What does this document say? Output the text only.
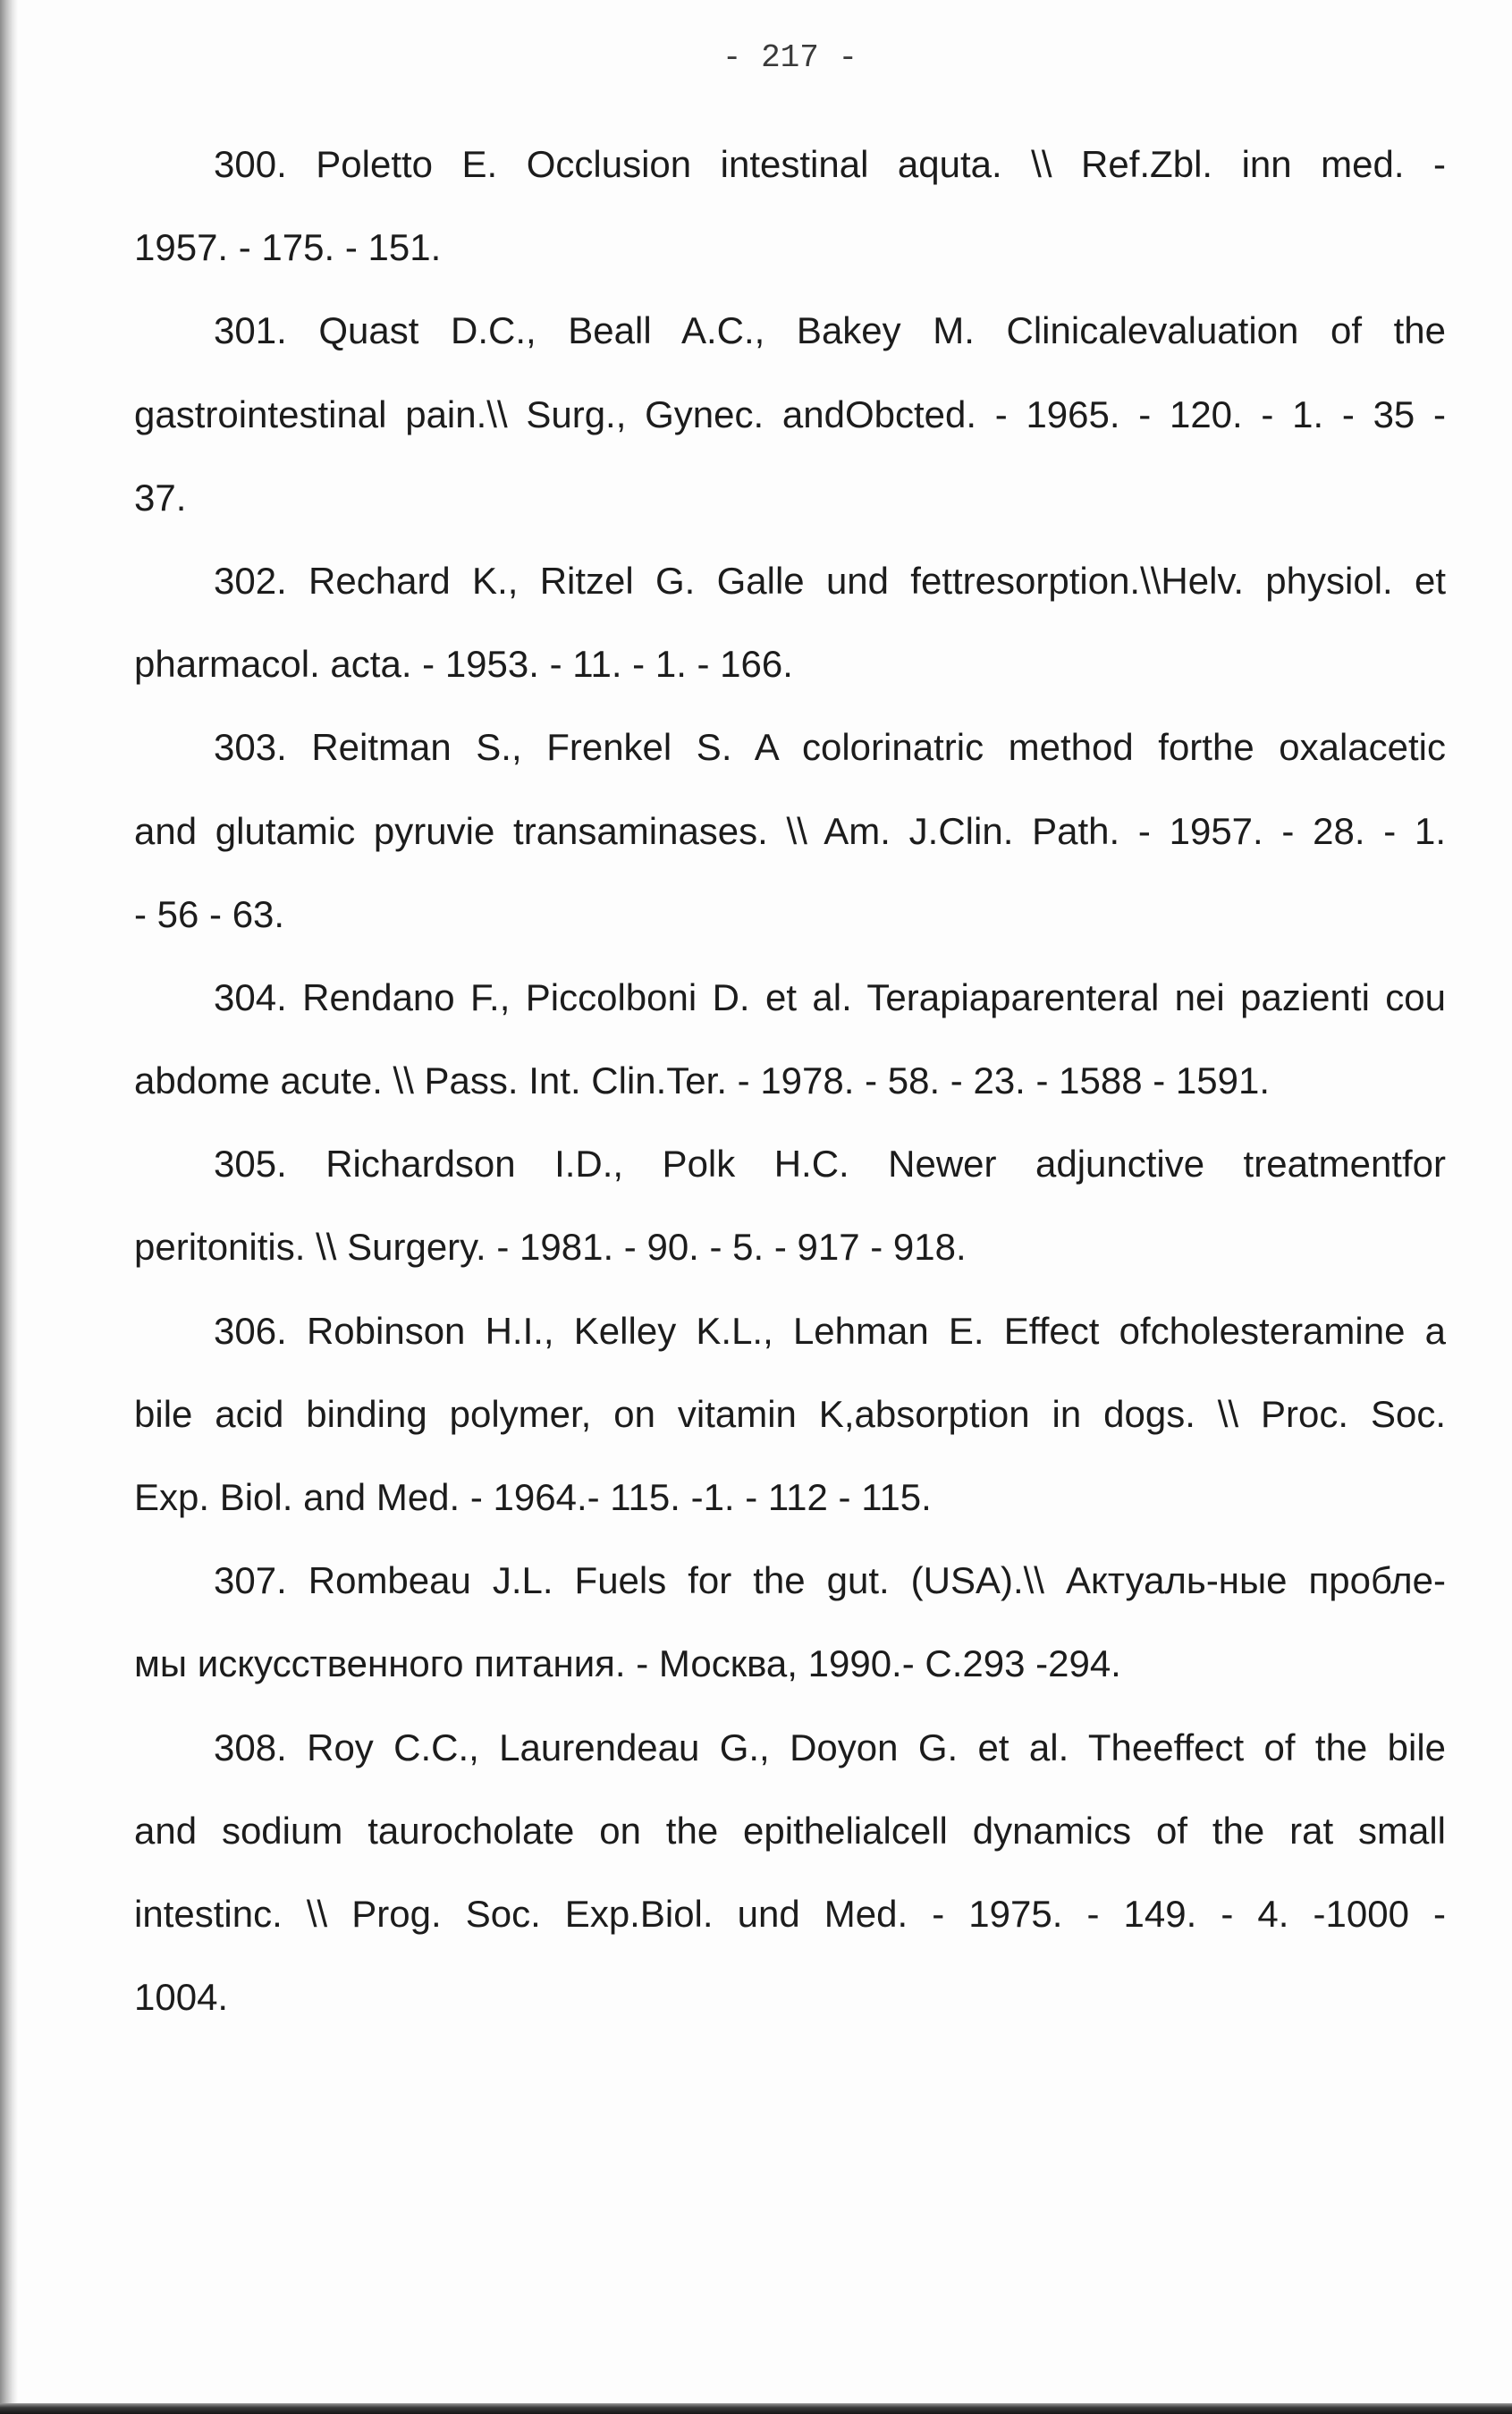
- 217 -
300. Poletto E. Occlusion intestinal aquta. \\ Ref.Zbl. inn med. -
1957. - 175. - 151.
301. Quast D.C., Beall A.C., Bakey M. Clinicalevaluation of the
gastrointestinal pain.\\ Surg., Gynec. andObcted. - 1965. - 120. - 1. - 35 -
37.
302. Rechard K., Ritzel G. Galle und fettresorption.\\Helv. physiol. et
pharmacol. acta. - 1953. - 11. - 1. - 166.
303. Reitman S., Frenkel S. A colorinatric method forthe oxalacetic
and glutamic pyruvie transaminases. \\ Am. J.Clin. Path. - 1957. - 28. - 1.
- 56 - 63.
304. Rendano F., Piccolboni D. et al. Terapiaparenteral nei pazienti cou
abdome acute. \\ Pass. Int. Clin.Ter. - 1978. - 58. - 23. - 1588 - 1591.
305. Richardson I.D., Polk H.C. Newer adjunctive treatmentfor
peritonitis. \\ Surgery. - 1981. - 90. - 5. - 917 - 918.
306. Robinson H.I., Kelley K.L., Lehman E. Effect ofcholesteramine a
bile acid binding polymer, on vitamin K,absorption in dogs. \\ Proc. Soc.
Exp. Biol. and Med. - 1964.- 115. -1. - 112 - 115.
307. Rombeau J.L. Fuels for the gut. (USA).\\ Актуаль-ные пробле-
мы искусственного питания. - Москва, 1990.- С.293 -294.
308. Roy C.C., Laurendeau G., Doyon G. et al. Theeffect of the bile
and sodium taurocholate on the epithelialcell dynamics of the rat small
intestinc. \\ Prog. Soc. Exp.Biol. und Med. - 1975. - 149. - 4. -1000 -
1004.
